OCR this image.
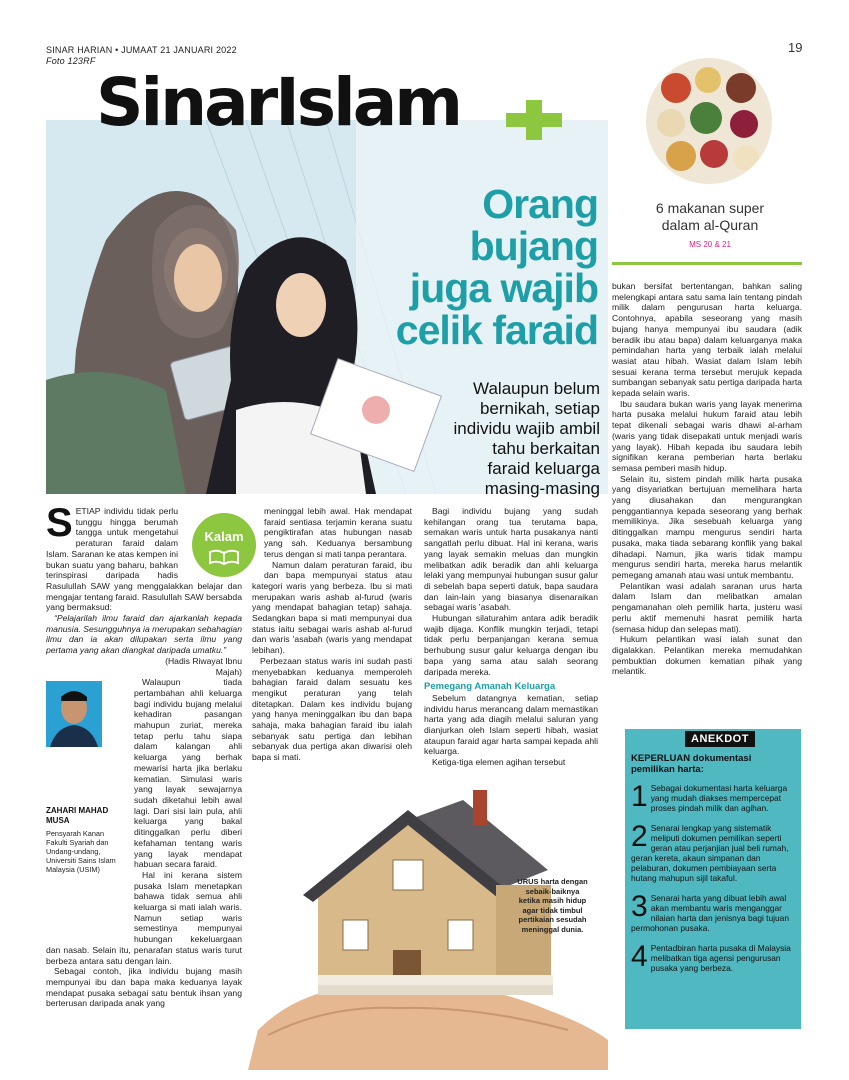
SINAR HARIAN • JUMAAT 21 JANUARI 2022
Foto 123RF
19
SinarIslam
Orang
bujang
juga wajib
celik faraid
Walaupun belum
bernikah, setiap
individu wajib ambil
tahu berkaitan
faraid keluarga
masing-masing
6 makanan super
dalam al-Quran
MS 20 & 21
Kalam
ZAHARI MAHAD
MUSA
Pensyarah Kanan
Fakulti Syariah dan
Undang-undang,
Universiti Sains Islam
Malaysia (USIM)
S ETIAP individu tidak perlu tunggu hingga berumah tangga untuk mengetahui peraturan faraid dalam Islam. Saranan ke atas kempen ini bukan suatu yang baharu, bahkan terinspirasi daripada hadis Rasulullah SAW yang menggalakkan belajar dan mengajar tentang faraid. Rasulullah SAW bersabda yang bermaksud:

“Pelajarilah ilmu faraid dan ajarkanlah kepada manusia. Sesungguhnya ia merupakan sebahagian ilmu dan ia akan dilupakan serta ilmu yang pertama yang akan diangkat daripada umatku.”

(Hadis Riwayat Ibnu Majah)

Walaupun tiada pertambahan ahli keluarga bagi individu bujang melalui kehadiran pasangan mahupun zuriat, mereka tetap perlu tahu siapa dalam kalangan ahli keluarga yang berhak mewarisi harta jika berlaku kematian. Simulasi waris yang layak sewajarnya sudah diketahui lebih awal lagi. Dari sisi lain pula, ahli keluarga yang bakal ditinggalkan perlu diberi kefahaman tentang waris yang layak mendapat habuan secara faraid.

Hal ini kerana sistem pusaka Islam menetapkan bahawa tidak semua ahli keluarga si mati ialah waris. Namun setiap waris semestinya mempunyai hubungan kekeluargaan dan nasab. Selain itu, penarafan status waris turut berbeza antara satu dengan lain.

Sebagai contoh, jika individu bujang masih mempunyai ibu dan bapa maka keduanya layak mendapat pusaka sebagai satu bentuk ihsan yang berterusan daripada anak yang

meninggal lebih awal. Hak mendapat faraid sentiasa terjamin kerana suatu pengiktirafan atas hubungan nasab yang sah. Keduanya bersambung terus dengan si mati tanpa perantara.

Namun dalam peraturan faraid, ibu dan bapa mempunyai status atau kategori waris yang berbeza. Ibu si mati merupakan waris ashab al-furud (waris yang mendapat bahagian tetap) sahaja. Sedangkan bapa si mati mempunyai dua status iaitu sebagai waris ashab al-furud dan waris 'asabah (waris yang mendapat lebihan).

Perbezaan status waris ini sudah pasti menyebabkan keduanya memperoleh bahagian faraid dalam sesuatu kes mengikut peraturan yang telah ditetapkan. Dalam kes individu bujang yang hanya meninggalkan ibu dan bapa sahaja, maka bahagian faraid ibu ialah sebanyak satu pertiga dan lebihan sebanyak dua pertiga akan diwarisi oleh bapa si mati.

Bagi individu bujang yang sudah kehilangan orang tua terutama bapa, semakan waris untuk harta pusakanya nanti sangatlah perlu dibuat. Hal ini kerana, waris yang layak semakin meluas dan mungkin melibatkan adik beradik dan ahli keluarga lelaki yang mempunyai hubungan susur galur di sebelah bapa seperti datuk, bapa saudara dan lain-lain yang biasanya disenaraikan sebagai waris 'asabah.

Hubungan silaturahim antara adik beradik wajib dijaga. Konflik mungkin terjadi, tetapi tidak perlu berpanjangan kerana semua berhubung susur galur keluarga dengan ibu bapa yang sama atau salah seorang daripada mereka.

Pemegang Amanah Keluarga

Sebelum datangnya kematian, setiap individu harus merancang dalam memastikan harta yang ada diagih melalui saluran yang dianjurkan oleh Islam seperti hibah, wasiat ataupun faraid agar harta sampai kepada ahli keluarga.

Ketiga-tiga elemen agihan tersebut

bukan bersifat bertentangan, bahkan saling melengkapi antara satu sama lain tentang pindah milik dalam pengurusan harta keluarga. Contohnya, apabila seseorang yang masih bujang hanya mempunyai ibu saudara (adik beradik ibu atau bapa) dalam keluarganya maka pemindahan harta yang terbaik ialah melalui wasiat atau hibah. Wasiat dalam Islam lebih sesuai kerana terma tersebut merujuk kepada sumbangan sebanyak satu pertiga daripada harta kepada selain waris.

Ibu saudara bukan waris yang layak menerima harta pusaka melalui hukum faraid atau lebih tepat dikenali sebagai waris dhawi al-arham (waris yang tidak disepakati untuk menjadi waris yang layak). Hibah kepada ibu saudara lebih signifikan kerana pemberian harta berlaku semasa pemberi masih hidup.

Selain itu, sistem pindah milik harta pusaka yang disyariatkan bertujuan memelihara harta yang diusahakan dan mengurangkan penggantiannya kepada seseorang yang berhak memilikinya. Jika sesebuah keluarga yang ditinggalkan mampu mengurus sendiri harta pusaka, maka tiada sebarang konflik yang bakal dihadapi. Namun, jika waris tidak mampu mengurus sendiri harta, mereka harus melantik pemegang amanah atau wasi untuk membantu.

Pelantikan wasi adalah saranan urus harta dalam Islam dan melibatkan amalan pengamanahan oleh pemilik harta, justeru wasi perlu aktif memenuhi hasrat pemilik harta (semasa hidup dan selepas mati).

Hukum pelantikan wasi ialah sunat dan digalakkan. Pelantikan mereka memudahkan pembuktian dokumen kematian pihak yang melantik.

URUS harta dengan
sebaik-baiknya
ketika masih hidup
agar tidak timbul
pertikaian sesudah
meninggal dunia.
ANEKDOT
KEPERLUAN dokumentasi
pemilikan harta:
1 Sebagai dokumentasi harta keluarga yang mudah diakses mempercepat proses pindah milik dan agihan.
2 Senarai lengkap yang sistematik meliputi dokumen pemilikan seperti geran atau perjanjian jual beli rumah, geran kereta, akaun simpanan dan pelaburan, dokumen pembiayaan serta hutang mahupun sijil takaful.
3 Senarai harta yang dibuat lebih awal akan membantu waris menganggar nilaian harta dan jenisnya bagi tujuan permohonan pusaka.
4 Pentadbiran harta pusaka di Malaysia melibatkan tiga agensi pengurusan pusaka yang berbeza.
